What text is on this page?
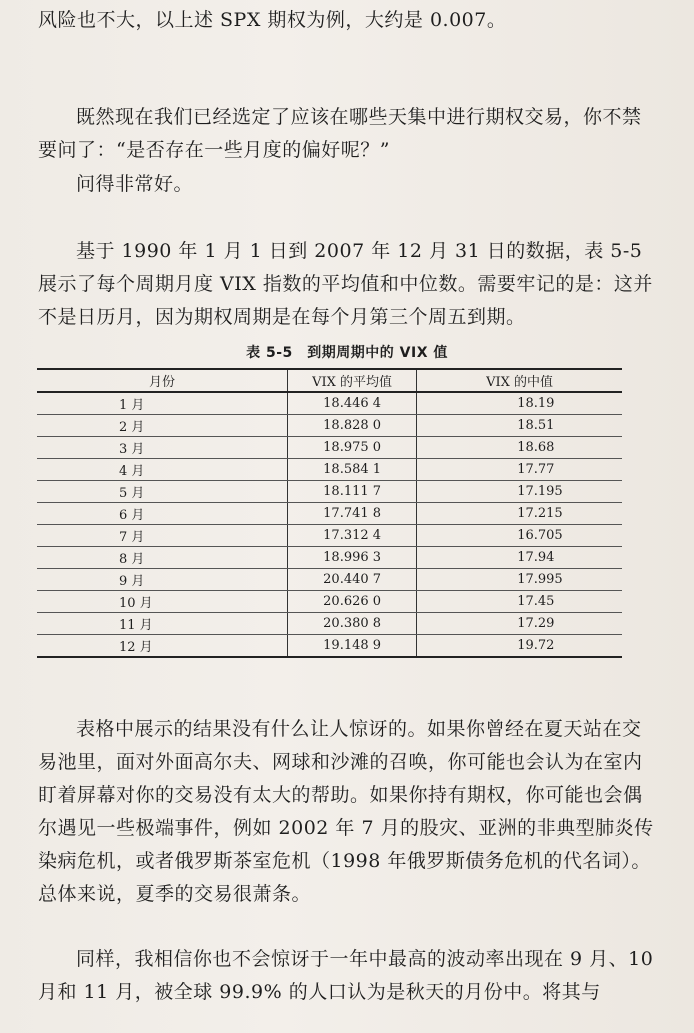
风险也不大，以上述 SPX 期权为例，大约是 0.007。

既然现在我们已经选定了应该在哪些天集中进行期权交易，你不禁要问了：“是否存在一些月度的偏好呢？”

问得非常好。

基于 1990 年 1 月 1 日到 2007 年 12 月 31 日的数据，表 5-5 展示了每个周期月度 VIX 指数的平均值和中位数。需要牢记的是：这并不是日历月，因为期权周期是在每个月第三个周五到期。

表 5-5　到期周期中的 VIX 值
月份	VIX 的平均值	VIX 的中值
1 月	18.446 4	18.19
2 月	18.828 0	18.51
3 月	18.975 0	18.68
4 月	18.584 1	17.77
5 月	18.111 7	17.195
6 月	17.741 8	17.215
7 月	17.312 4	16.705
8 月	18.996 3	17.94
9 月	20.440 7	17.995
10 月	20.626 0	17.45
11 月	20.380 8	17.29
12 月	19.148 9	19.72

表格中展示的结果没有什么让人惊讶的。如果你曾经在夏天站在交易池里，面对外面高尔夫、网球和沙滩的召唤，你可能也会认为在室内盯着屏幕对你的交易没有太大的帮助。如果你持有期权，你可能也会偶尔遇见一些极端事件，例如 2002 年 7 月的股灾、亚洲的非典型肺炎传染病危机，或者俄罗斯茶室危机（1998 年俄罗斯债务危机的代名词）。总体来说，夏季的交易很萧条。

同样，我相信你也不会惊讶于一年中最高的波动率出现在 9 月、10 月和 11 月，被全球 99.9% 的人口认为是秋天的月份中。将其与
